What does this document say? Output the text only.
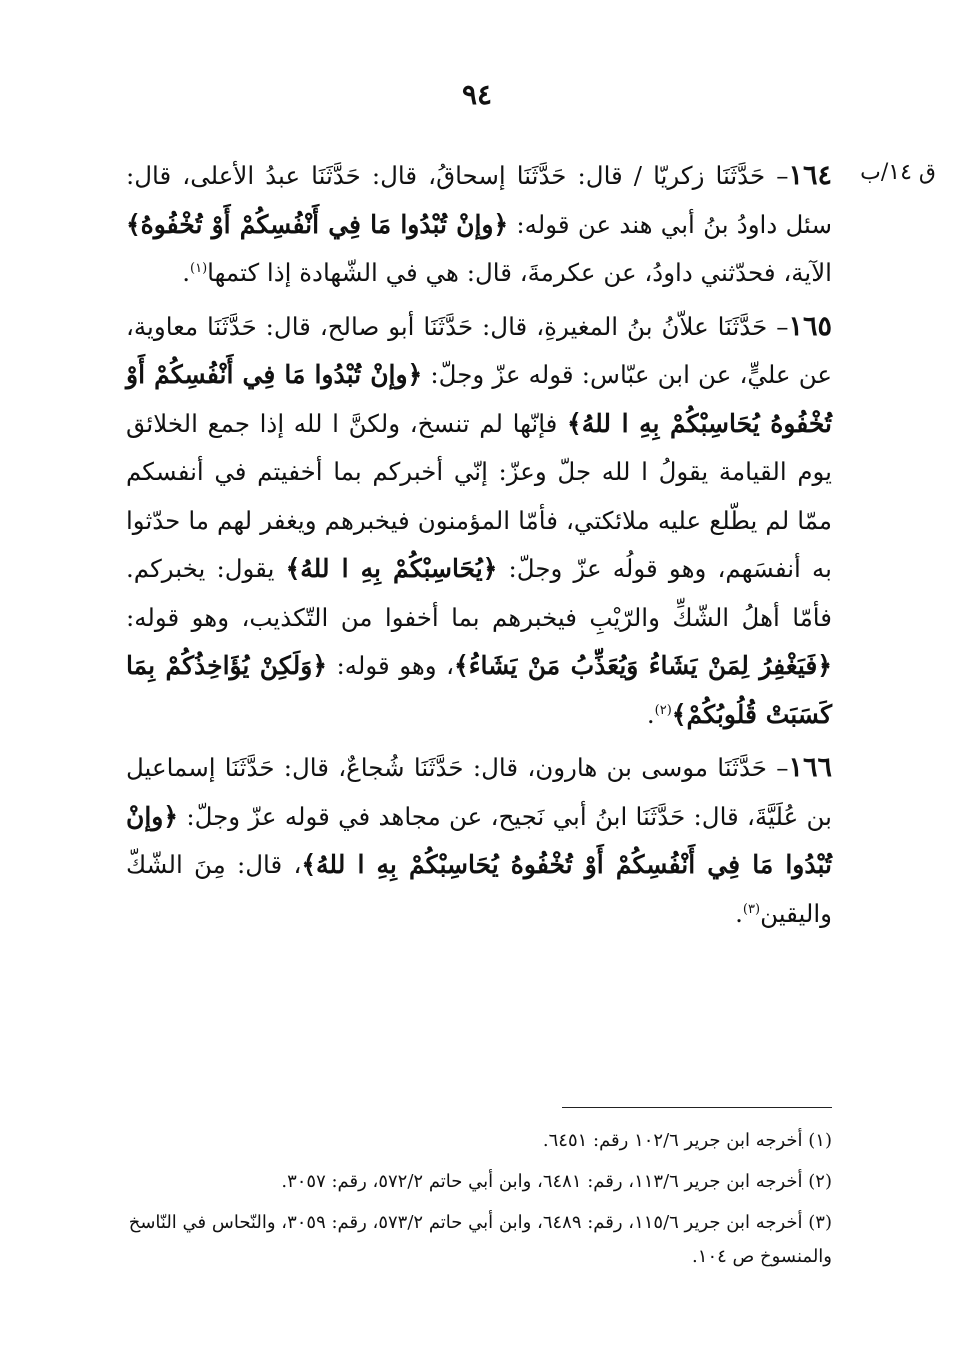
٩٤
ق ١٤/ب

١٦٤– حَدَّثَنَا زكريّا / قال: حَدَّثَنَا إسحاقُ، قال: حَدَّثَنَا عبدُ الأعلى، قال: سئل داودُ بنُ أبي هند عن قوله: ﴿وإنْ تُبْدُوا مَا فِي أَنْفُسِكُمْ أَوْ تُخْفُوهُ﴾ الآية، فحدّثني داودُ، عن عكرمةَ، قال: هي في الشّهادة إذا كتمها$^{(١)}$.

١٦٥– حَدَّثَنَا علاّنُ بنُ المغيرةِ، قال: حَدَّثَنَا أبو صالح، قال: حَدَّثَنَا معاوية، عن عليٍّ، عن ابن عبّاس: قوله عزّ وجلّ: ﴿وإنْ تُبْدُوا مَا فِي أَنْفُسِكُمْ أَوْ تُخْفُوهُ يُحَاسِبْكُمْ بِهِ ا للهُ﴾ فإنّها لم تنسخ، ولكنَّ ا لله إذا جمع الخلائق يوم القيامة يقولُ ا لله جلّ وعزّ: إنّي أخبركم بما أخفيتم في أنفسكم ممّا لم يطّلع عليه ملائكتي، فأمّا المؤمنون فيخبرهم ويغفر لهم ما حدّثوا به أنفسَهم، وهو قولُه عزّ وجلّ: ﴿يُحَاسِبْكُمْ بِهِ ا للهُ﴾ يقول: يخبركم. فأمّا أهلُ الشّكِّ والرّيْبِ فيخبرهم بما أخفوا من التّكذيب، وهو قوله: ﴿فَيَغْفِرُ لِمَنْ يَشَاءُ وَيُعَذِّبُ مَنْ يَشَاءُ﴾، وهو قوله: ﴿وَلَكِنْ يُؤَاخِذُكُمْ بِمَا كَسَبَتْ قُلُوبُكُمْ﴾$^{(٢)}$.

١٦٦– حَدَّثَنَا موسى بن هارون، قال: حَدَّثَنَا شُجاعٌ، قال: حَدَّثَنَا إسماعيل بن عُلَيَّةَ، قال: حَدَّثَنَا ابنُ أبي نَجيح، عن مجاهد في قوله عزّ وجلّ: ﴿وإنْ تُبْدُوا مَا فِي أَنْفُسِكُمْ أَوْ تُخْفُوهُ يُحَاسِبْكُمْ بِهِ ا للهُ﴾، قال: مِنَ الشّكّ واليقين$^{(٣)}$.

(١) أخرجه ابن جرير ١٠٢/٦ رقم: ٦٤٥١.

(٢) أخرجه ابن جرير ١١٣/٦، رقم: ٦٤٨١، وابن أبي حاتم ٥٧٢/٢، رقم: ٣٠٥٧.

(٣) أخرجه ابن جرير ١١٥/٦، رقم: ٦٤٨٩، وابن أبي حاتم ٥٧٣/٢، رقم: ٣٠٥٩، والنّحاس في النّاسخ والمنسوخ ص ١٠٤.
